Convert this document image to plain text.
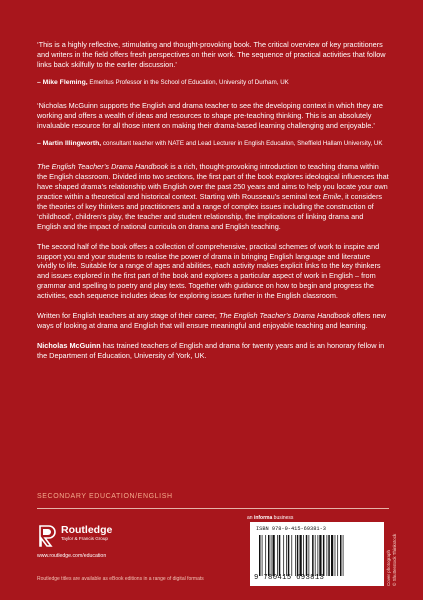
‘This is a highly reflective, stimulating and thought-provoking book. The critical overview of key practitioners and writers in the field offers fresh perspectives on their work. The sequence of practical activities that follow links back skilfully to the earlier discussion.’

– Mike Fleming, Emeritus Professor in the School of Education, University of Durham, UK

‘Nicholas McGuinn supports the English and drama teacher to see the developing context in which they are working and offers a wealth of ideas and resources to shape pre-teaching thinking. This is an absolutely invaluable resource for all those intent on making their drama-based learning challenging and enjoyable.’

– Martin Illingworth, consultant teacher with NATE and Lead Lecturer in English Education, Sheffield Hallam University, UK

The English Teacher’s Drama Handbook is a rich, thought-provoking introduction to teaching drama within the English classroom. Divided into two sections, the first part of the book explores ideological influences that have shaped drama’s relationship with English over the past 250 years and aims to help you locate your own practice within a theoretical and historical context. Starting with Rousseau’s seminal text Emile, it considers the theories of key thinkers and practitioners and a range of complex issues including the construction of ‘childhood’, children’s play, the teacher and student relationship, the implications of linking drama and English and the impact of national curricula on drama and English teaching.

The second half of the book offers a collection of comprehensive, practical schemes of work to inspire and support you and your students to realise the power of drama in bringing English language and literature vividly to life. Suitable for a range of ages and abilities, each activity makes explicit links to the key thinkers and issues explored in the first part of the book and explores a particular aspect of work in English – from grammar and spelling to poetry and play texts. Together with guidance on how to begin and progress the activities, each sequence includes ideas for exploring issues further in the English classroom.

Written for English teachers at any stage of their career, The English Teacher’s Drama Handbook offers new ways of looking at drama and English that will ensure meaningful and enjoyable teaching and learning.

Nicholas McGuinn has trained teachers of English and drama for twenty years and is an honorary fellow in the Department of Education, University of York, UK.

SECONDARY EDUCATION/ENGLISH
Routledge
Taylor & Francis Group
www.routledge.com/education
Routledge titles are available as eBook editions in a range of digital formats
an informa business
ISBN 978-0-415-69381-3
9 780415 693813	Cover photograph © Shutterstock Thinkstock
